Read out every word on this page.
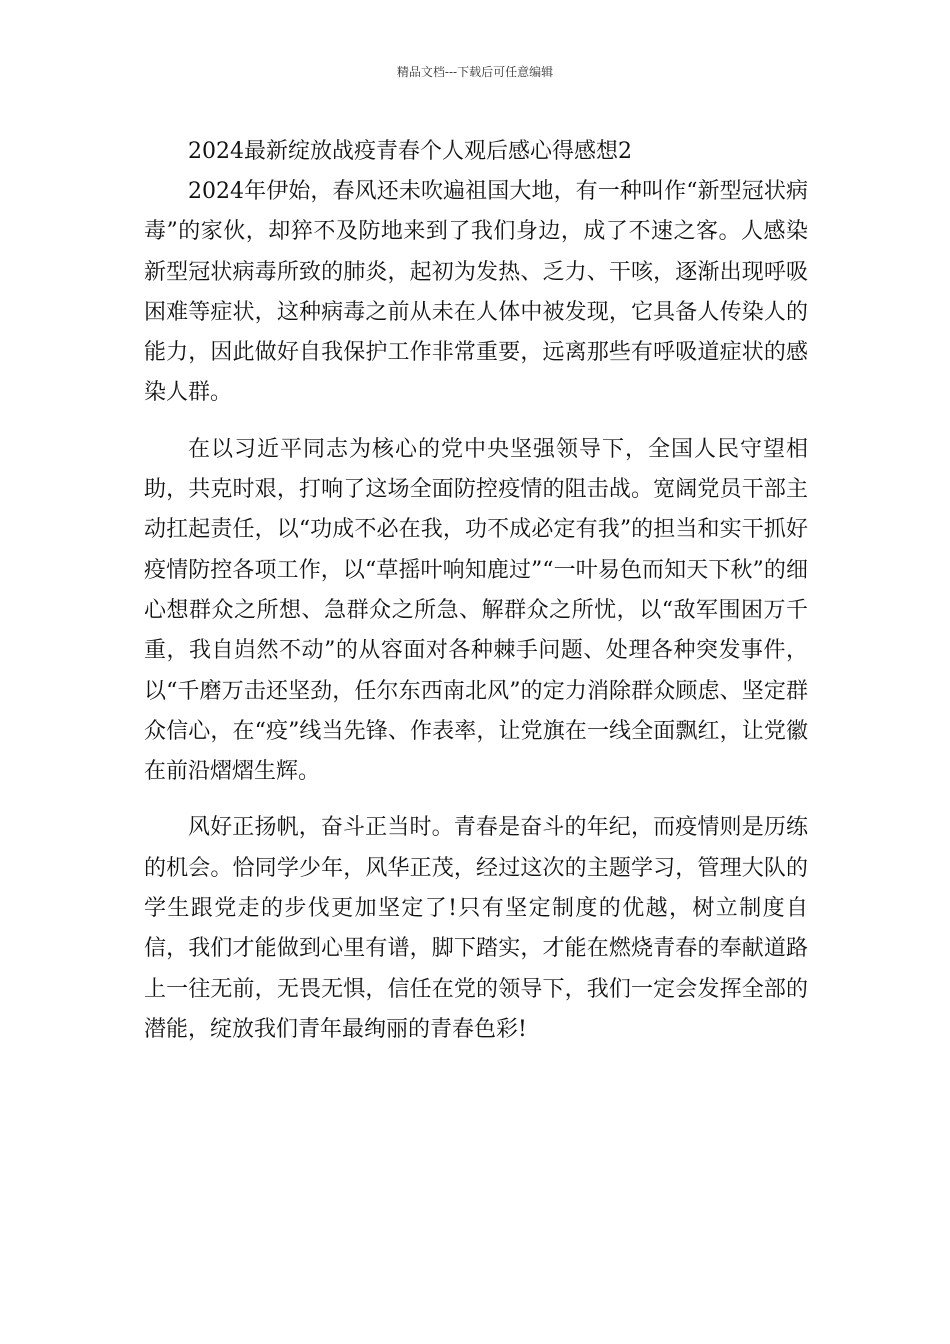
精品文档---下载后可任意编辑

2024最新绽放战疫青春个人观后感心得感想2

2024年伊始，春风还未吹遍祖国大地，有一种叫作“新型冠状病毒”的家伙，却猝不及防地来到了我们身边，成了不速之客。人感染新型冠状病毒所致的肺炎，起初为发热、乏力、干咳，逐渐出现呼吸困难等症状，这种病毒之前从未在人体中被发现，它具备人传染人的能力，因此做好自我保护工作非常重要，远离那些有呼吸道症状的感染人群。

在以习近平同志为核心的党中央坚强领导下，全国人民守望相助，共克时艰，打响了这场全面防控疫情的阻击战。宽阔党员干部主动扛起责任，以“功成不必在我，功不成必定有我”的担当和实干抓好疫情防控各项工作，以“草摇叶响知鹿过”“一叶易色而知天下秋”的细心想群众之所想、急群众之所急、解群众之所忧，以“敌军围困万千重，我自岿然不动”的从容面对各种棘手问题、处理各种突发事件，以“千磨万击还坚劲，任尔东西南北风”的定力消除群众顾虑、坚定群众信心，在“疫”线当先锋、作表率，让党旗在一线全面飘红，让党徽在前沿熠熠生辉。

风好正扬帆，奋斗正当时。青春是奋斗的年纪，而疫情则是历练的机会。恰同学少年，风华正茂，经过这次的主题学习，管理大队的学生跟党走的步伐更加坚定了!只有坚定制度的优越，树立制度自信，我们才能做到心里有谱，脚下踏实，才能在燃烧青春的奉献道路上一往无前，无畏无惧，信任在党的领导下，我们一定会发挥全部的潜能，绽放我们青年最绚丽的青春色彩!
